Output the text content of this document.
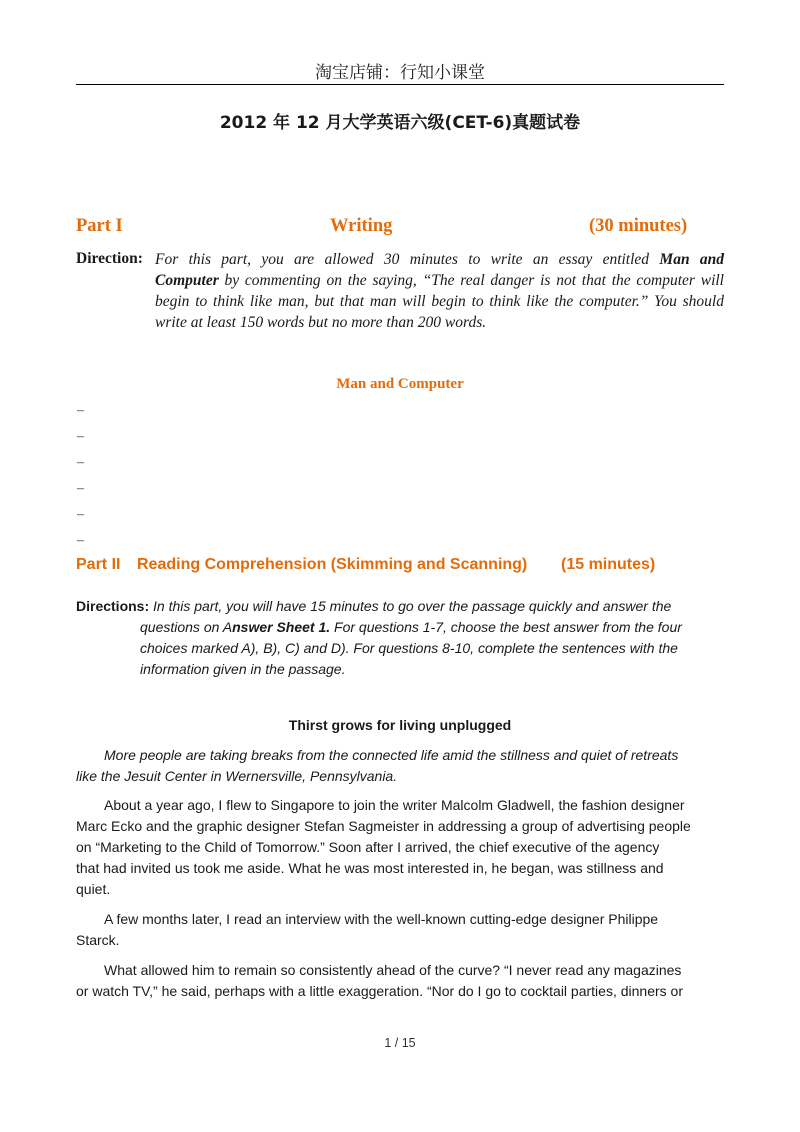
淘宝店铺：行知小课堂
2012 年 12 月大学英语六级(CET-6)真题试卷
Part I	Writing	(30 minutes)
Direction: For this part, you are allowed 30 minutes to write an essay entitled Man and
Computer by commenting on the saying, “The real danger is not that the computer will
begin to think like man, but that man will begin to think like the computer.” You should
write at least 150 words but no more than 200 words.
Man and Computer
–
–
–
–
–
–
Part II Reading Comprehension (Skimming and Scanning) (15 minutes)
Directions: In this part, you will have 15 minutes to go over the passage quickly and answer the
questions on Answer Sheet 1. For questions 1-7, choose the best answer from the four
choices marked A), B), C) and D). For questions 8-10, complete the sentences with the
information given in the passage.
Thirst grows for living unplugged
More people are taking breaks from the connected life amid the stillness and quiet of retreats
like the Jesuit Center in Wernersville, Pennsylvania.
About a year ago, I flew to Singapore to join the writer Malcolm Gladwell, the fashion designer
Marc Ecko and the graphic designer Stefan Sagmeister in addressing a group of advertising people
on “Marketing to the Child of Tomorrow.” Soon after I arrived, the chief executive of the agency
that had invited us took me aside. What he was most interested in, he began, was stillness and
quiet.
A few months later, I read an interview with the well-known cutting-edge designer Philippe
Starck.
What allowed him to remain so consistently ahead of the curve? “I never read any magazines
or watch TV,” he said, perhaps with a little exaggeration. “Nor do I go to cocktail parties, dinners or
1 / 15
